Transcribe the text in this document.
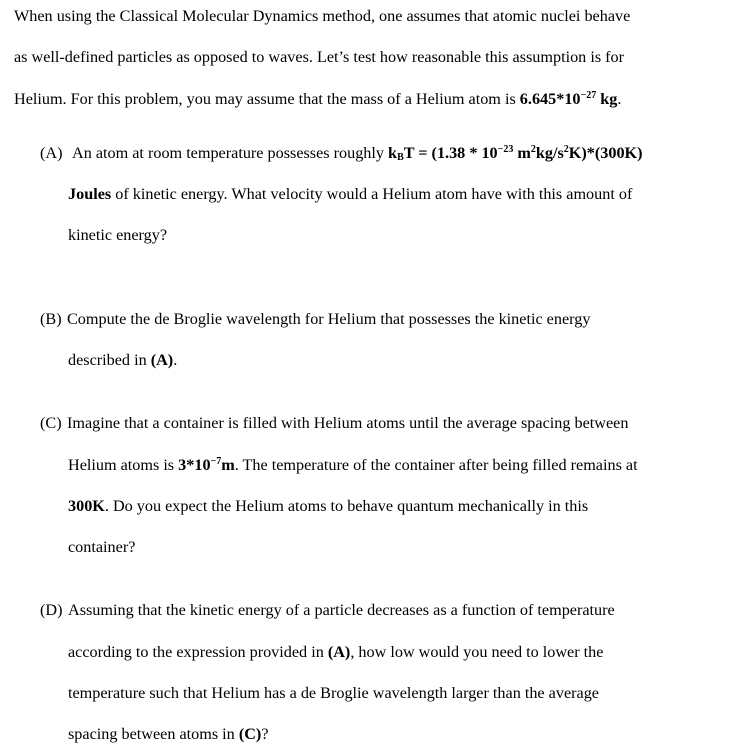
When using the Classical Molecular Dynamics method, one assumes that atomic nuclei behave
as well-defined particles as opposed to waves. Let’s test how reasonable this assumption is for
Helium. For this problem, you may assume that the mass of a Helium atom is $6.645*10^{-27}$ kg.
(A) An atom at room temperature possesses roughly $k_BT = (1.38 * 10^{-23}$ $m^2kg/s^2K)*(300K)$
Joules of kinetic energy. What velocity would a Helium atom have with this amount of
kinetic energy?
(B) Compute the de Broglie wavelength for Helium that possesses the kinetic energy
described in (A).
(C) Imagine that a container is filled with Helium atoms until the average spacing between
Helium atoms is $3*10^{-7}m$. The temperature of the container after being filled remains at
300K. Do you expect the Helium atoms to behave quantum mechanically in this
container?
(D) Assuming that the kinetic energy of a particle decreases as a function of temperature
according to the expression provided in (A), how low would you need to lower the
temperature such that Helium has a de Broglie wavelength larger than the average
spacing between atoms in (C)?
